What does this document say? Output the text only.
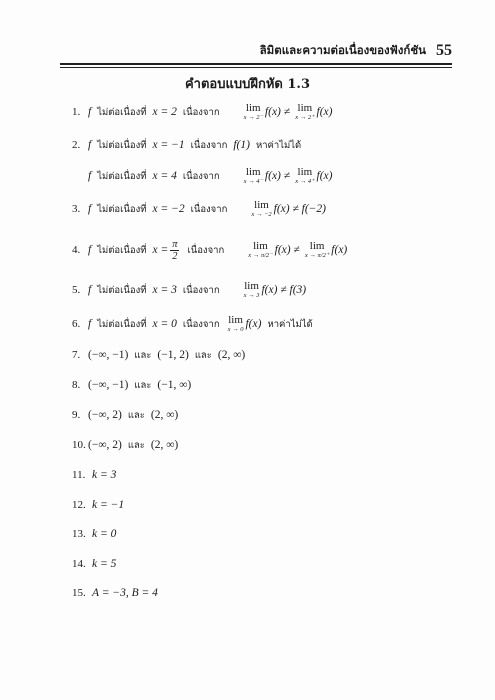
ลิมิตและความต่อเนื่องของฟังก์ชัน 55
คำตอบแบบฝึกหัด 1.3
1. f ไม่ต่อเนื่องที่ x = 2 เนื่องจาก lim
x → 2⁻ f(x) ≠ lim
x → 2⁺ f(x)
2. f ไม่ต่อเนื่องที่ x = −1 เนื่องจาก f(1) หาค่าไม่ได้
f ไม่ต่อเนื่องที่ x = 4 เนื่องจาก lim
x → 4⁻ f(x) ≠ lim
x → 4⁺ f(x)
3. f ไม่ต่อเนื่องที่ x = −2 เนื่องจาก lim
x → −2 f(x) ≠ f(−2)
4. f ไม่ต่อเนื่องที่ $x = \frac{\pi}{2}$ เนื่องจาก	lim
x → π/2⁻ f(x) ≠ lim
x → π/2⁺ f(x)
5. f ไม่ต่อเนื่องที่ x = 3 เนื่องจาก lim
x → 3 f(x) ≠ f(3)
6. f ไม่ต่อเนื่องที่ x = 0 เนื่องจาก lim
x → 0 f(x) หาค่าไม่ได้
7. (−∞, −1) และ (−1, 2) และ (2, ∞)
8. (−∞, −1) และ (−1, ∞)
9. (−∞, 2) และ (2, ∞)
10. (−∞, 2) และ (2, ∞)
11. k = 3
12. k = −1
13. k = 0
14. k = 5
15. A = −3, B = 4
